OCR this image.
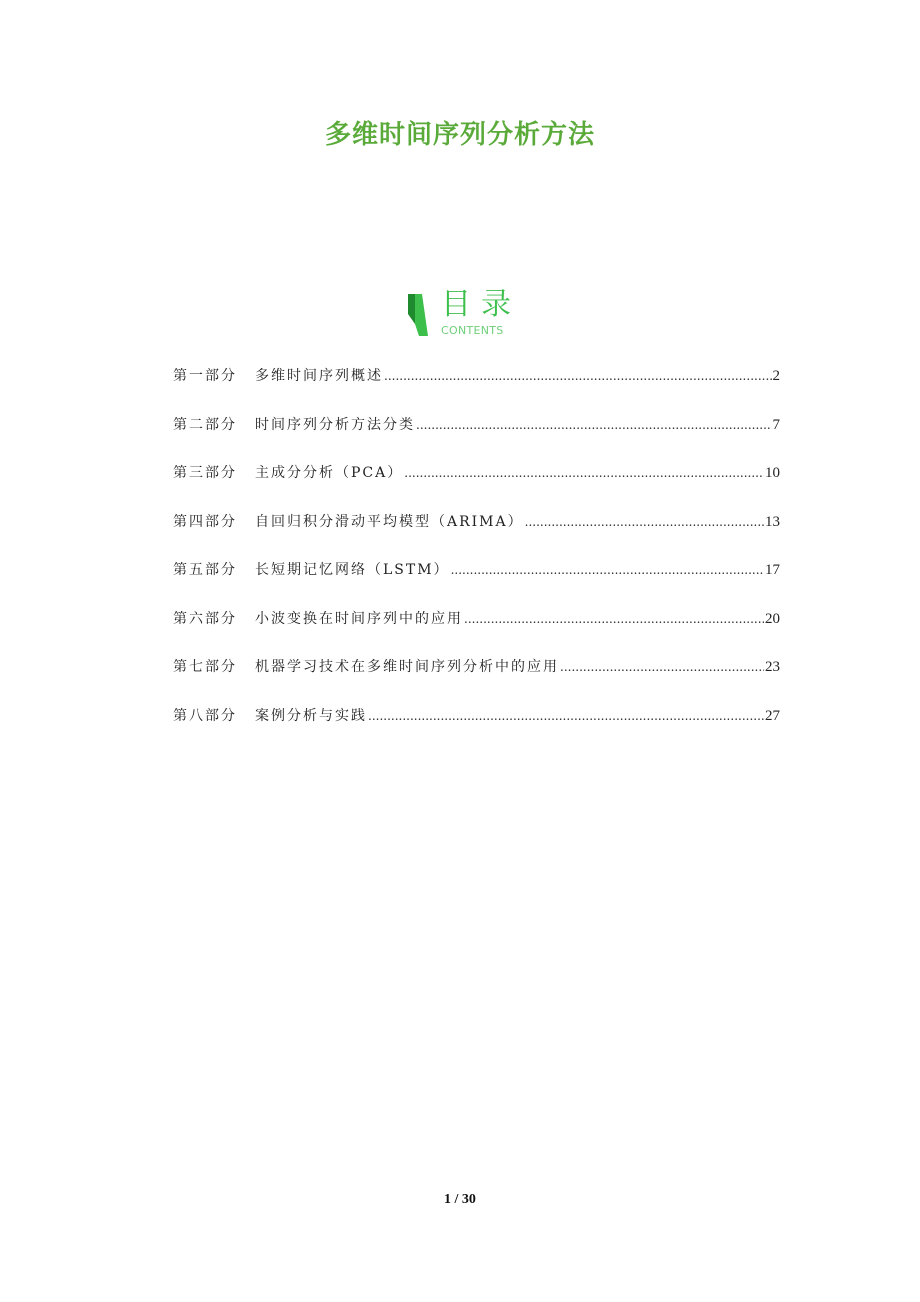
多维时间序列分析方法
目录
CONTENTS
第一部分	多维时间序列概述 .....	2
第二部分	时间序列分析方法分类 .....	7
第三部分	主成分分析（PCA） .....	10
第四部分	自回归积分滑动平均模型（ARIMA） .....	13
第五部分	长短期记忆网络（LSTM） .....	17
第六部分	小波变换在时间序列中的应用 .....	20
第七部分	机器学习技术在多维时间序列分析中的应用 .....	23
第八部分	案例分析与实践 .....	27
1 / 30
